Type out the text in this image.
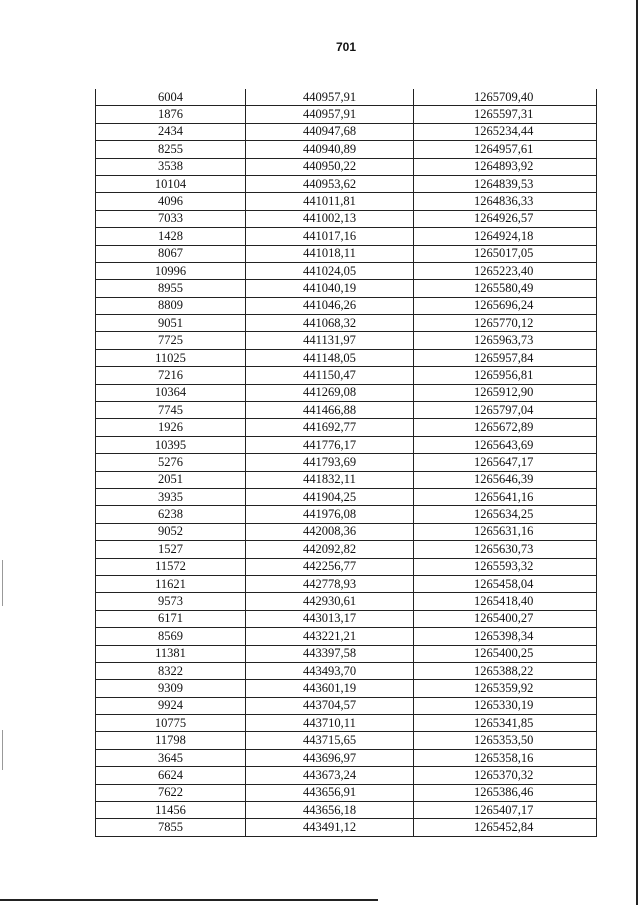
701
6004	440957,91	1265709,40
1876	440957,91	1265597,31
2434	440947,68	1265234,44
8255	440940,89	1264957,61
3538	440950,22	1264893,92
10104	440953,62	1264839,53
4096	441011,81	1264836,33
7033	441002,13	1264926,57
1428	441017,16	1264924,18
8067	441018,11	1265017,05
10996	441024,05	1265223,40
8955	441040,19	1265580,49
8809	441046,26	1265696,24
9051	441068,32	1265770,12
7725	441131,97	1265963,73
11025	441148,05	1265957,84
7216	441150,47	1265956,81
10364	441269,08	1265912,90
7745	441466,88	1265797,04
1926	441692,77	1265672,89
10395	441776,17	1265643,69
5276	441793,69	1265647,17
2051	441832,11	1265646,39
3935	441904,25	1265641,16
6238	441976,08	1265634,25
9052	442008,36	1265631,16
1527	442092,82	1265630,73
11572	442256,77	1265593,32
11621	442778,93	1265458,04
9573	442930,61	1265418,40
6171	443013,17	1265400,27
8569	443221,21	1265398,34
11381	443397,58	1265400,25
8322	443493,70	1265388,22
9309	443601,19	1265359,92
9924	443704,57	1265330,19
10775	443710,11	1265341,85
11798	443715,65	1265353,50
3645	443696,97	1265358,16
6624	443673,24	1265370,32
7622	443656,91	1265386,46
11456	443656,18	1265407,17
7855	443491,12	1265452,84
